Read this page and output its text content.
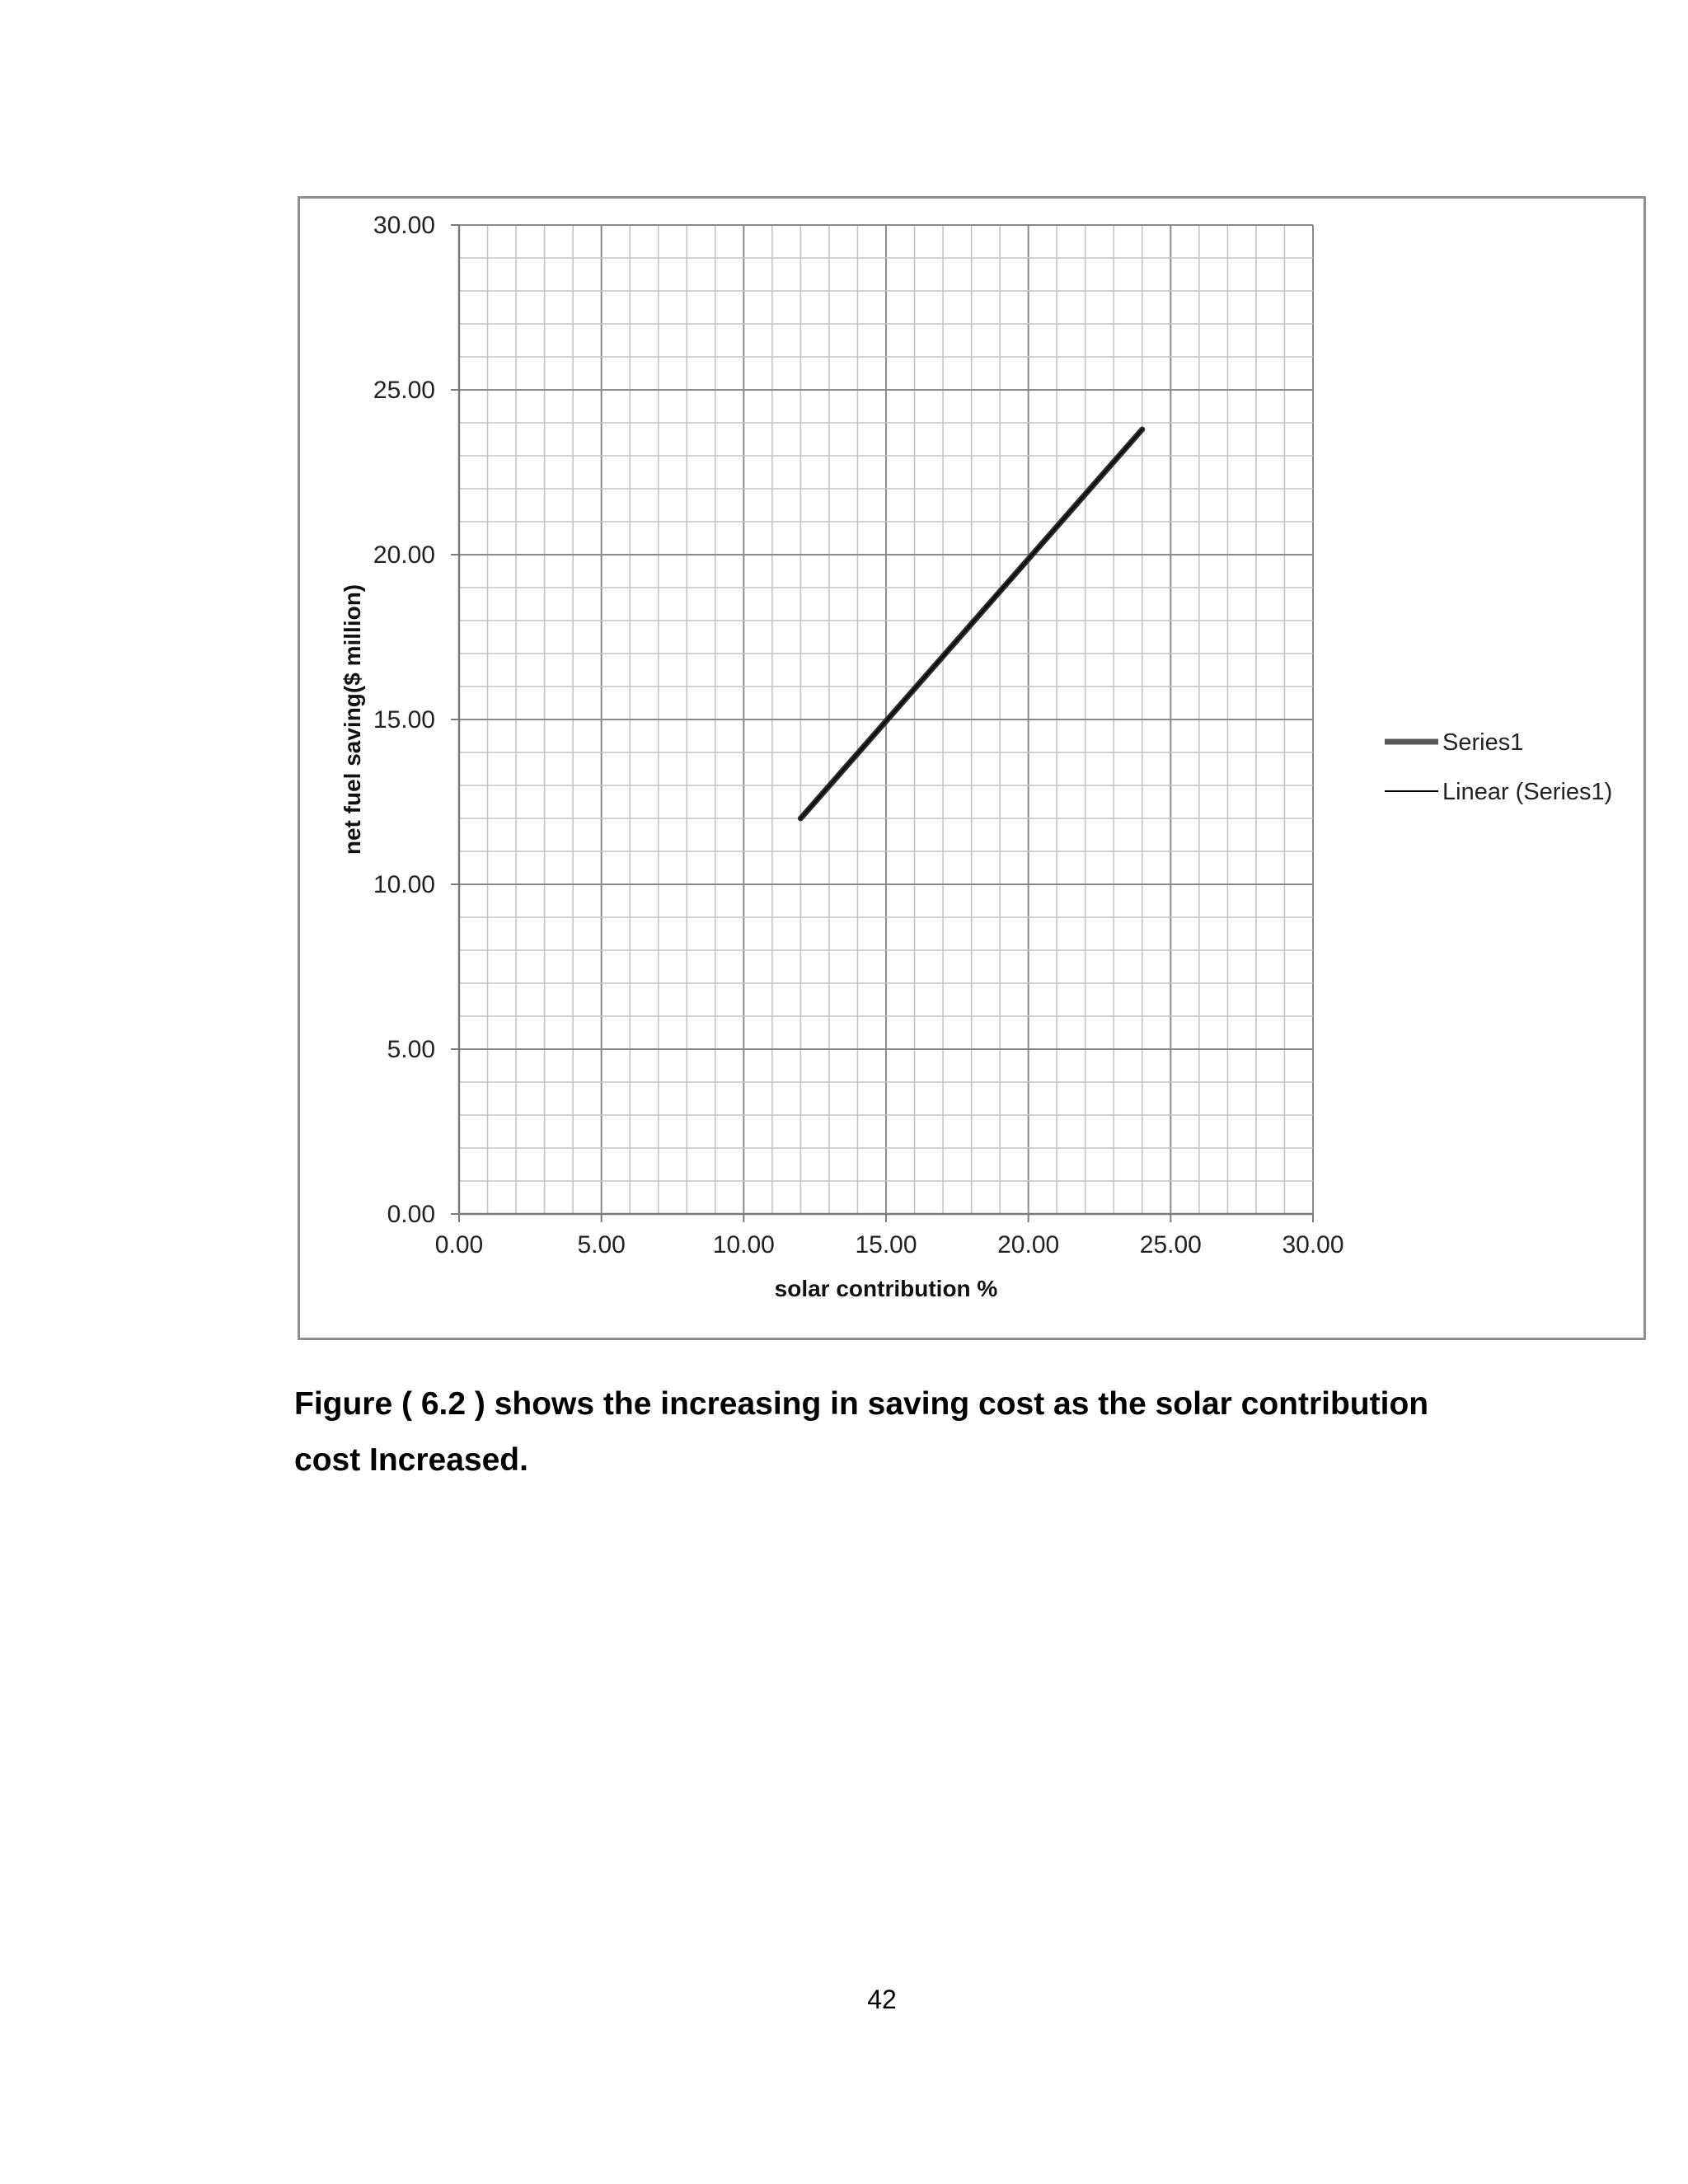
0.00	5.00	10.00	15.00	20.00	25.00	30.00
0.00
5.00
10.00
15.00
20.00
25.00
30.00
net fuel saving($ million)
solar contribution %
Series1
Linear (Series1)
Figure ( 6.2 ) shows the increasing in saving cost as the solar contribution cost Increased.
42
